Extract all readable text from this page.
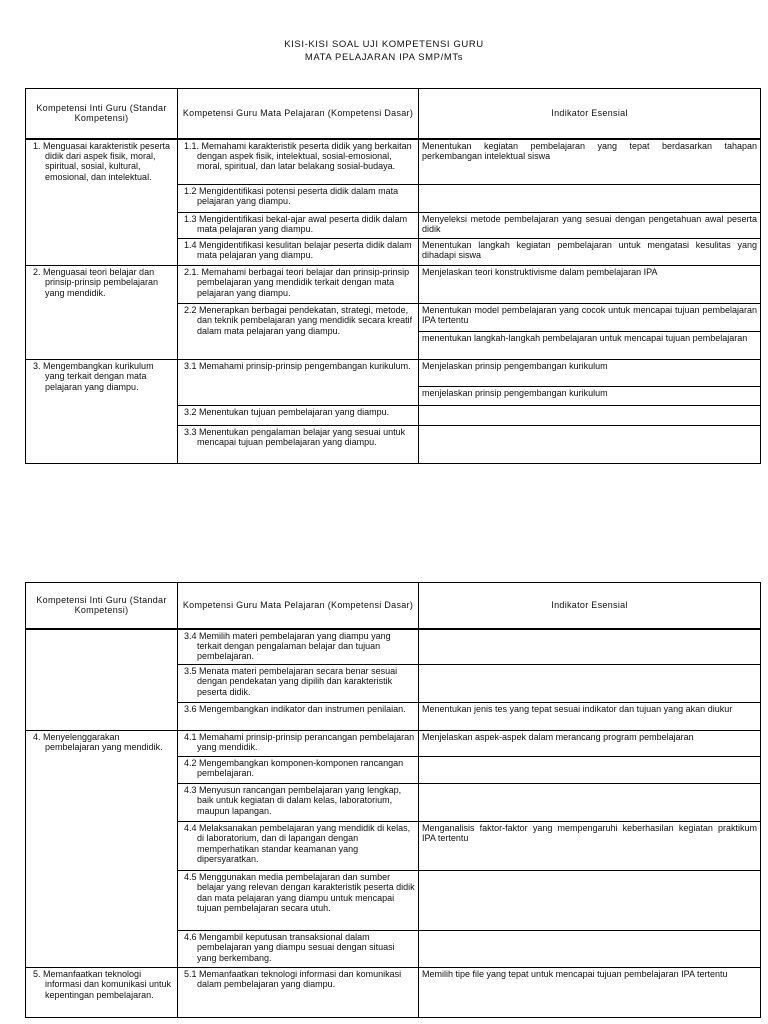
KISI-KISI SOAL UJI KOMPETENSI GURU
MATA PELAJARAN IPA SMP/MTs
Kompetensi Inti Guru (Standar Kompetensi)	Kompetensi Guru Mata Pelajaran (Kompetensi Dasar)	Indikator Esensial

1. Menguasai karakteristik peserta didik dari aspek fisik, moral, spiritual, sosial, kultural, emosional, dan intelektual.	1.1. Memahami karakteristik peserta didik yang berkaitan dengan aspek fisik, intelektual, sosial-emosional, moral, spiritual, dan latar belakang sosial-budaya.	Menentukan kegiatan pembelajaran yang tepat berdasarkan tahapan perkembangan intelektual siswa

	1.2 Mengidentifikasi potensi peserta didik dalam mata pelajaran yang diampu.	

	1.3 Mengidentifikasi bekal-ajar awal peserta didik dalam mata pelajaran yang diampu.	Menyeleksi metode pembelajaran yang sesuai dengan pengetahuan awal peserta didik

	1.4 Mengidentifikasi kesulitan belajar peserta didik dalam mata pelajaran yang diampu.	Menentukan langkah kegiatan pembelajaran untuk mengatasi kesulitas yang dihadapi siswa

2. Menguasai teori belajar dan prinsip-prinsip pembelajaran yang mendidik.	2.1. Memahami berbagai teori belajar dan prinsip-prinsip pembelajaran yang mendidik terkait dengan mata pelajaran yang diampu.	Menjelaskan teori konstruktivisme dalam pembelajaran IPA

	2.2 Menerapkan berbagai pendekatan, strategi, metode, dan teknik pembelajaran yang mendidik secara kreatif dalam mata pelajaran yang diampu.	Menentukan model pembelajaran yang cocok untuk mencapai tujuan pembelajaran IPA tertentu

		menentukan langkah-langkah pembelajaran untuk mencapai tujuan pembelajaran

3. Mengembangkan kurikulum yang terkait dengan mata pelajaran yang diampu.	3.1 Memahami prinsip-prinsip pengembangan kurikulum.	Menjelaskan prinsip pengembangan kurikulum

		menjelaskan prinsip pengembangan kurikulum

	3.2 Menentukan tujuan pembelajaran yang diampu.	

	3.3 Menentukan pengalaman belajar yang sesuai untuk mencapai tujuan pembelajaran yang diampu.	

Kompetensi Inti Guru (Standar Kompetensi)	Kompetensi Guru Mata Pelajaran (Kompetensi Dasar)	Indikator Esensial

	3.4 Memilih materi pembelajaran yang diampu yang terkait dengan pengalaman belajar dan tujuan pembelajaran.	

	3.5 Menata materi pembelajaran secara benar sesuai dengan pendekatan yang dipilih dan karakteristik peserta didik.	

	3.6 Mengembangkan indikator dan instrumen penilaian.	Menentukan jenis tes yang tepat sesuai indikator dan tujuan yang akan diukur

4. Menyelenggarakan pembelajaran yang mendidik.	4.1 Memahami prinsip-prinsip perancangan pembelajaran yang mendidik.	Menjelaskan aspek-aspek dalam merancang program pembelajaran

	4.2 Mengembangkan komponen-komponen rancangan pembelajaran.	

	4.3 Menyusun rancangan pembelajaran yang lengkap, baik untuk kegiatan di dalam kelas, laboratorium, maupun lapangan.	

	4.4 Melaksanakan pembelajaran yang mendidik di kelas, di laboratorium, dan di lapangan dengan memperhatikan standar keamanan yang dipersyaratkan.	Menganalisis faktor-faktor yang mempengaruhi keberhasilan kegiatan praktikum IPA tertentu

	4.5 Menggunakan media pembelajaran dan sumber belajar yang relevan dengan karakteristik peserta didik dan mata pelajaran yang diampu untuk mencapai tujuan pembelajaran secara utuh.	

	4.6 Mengambil keputusan transaksional dalam pembelajaran yang diampu sesuai dengan situasi yang berkembang.	

5. Memanfaatkan teknologi informasi dan komunikasi untuk kepentingan pembelajaran.	5.1 Memanfaatkan teknologi informasi dan komunikasi dalam pembelajaran yang diampu.	Memilih tipe file yang tepat untuk mencapai tujuan pembelajaran IPA tertentu
